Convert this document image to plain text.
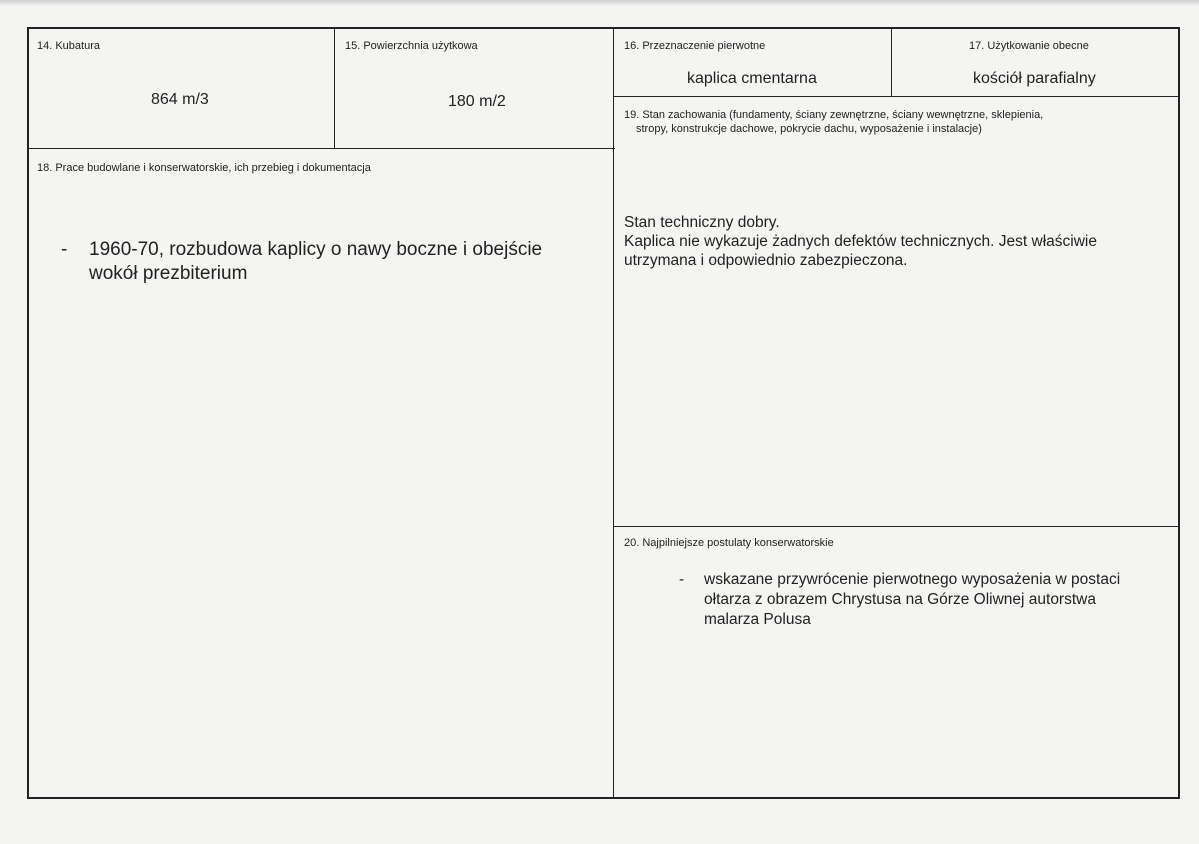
14. Kubatura
864 m/3
15. Powierzchnia użytkowa
180 m/2
16. Przeznaczenie pierwotne
kaplica cmentarna
17. Użytkowanie obecne
kościół parafialny
18. Prace budowlane i konserwatorskie, ich przebieg i dokumentacja
- 1960-70, rozbudowa kaplicy o nawy boczne i obejście
wokół prezbiterium
19. Stan zachowania (fundamenty, ściany zewnętrzne, ściany wewnętrzne, sklepienia,
stropy, konstrukcje dachowe, pokrycie dachu, wyposażenie i instalacje)
Stan techniczny dobry.
Kaplica nie wykazuje żadnych defektów technicznych. Jest właściwie
utrzymana i odpowiednio zabezpieczona.
20. Najpilniejsze postulaty konserwatorskie
- wskazane przywrócenie pierwotnego wyposażenia w postaci
ołtarza z obrazem Chrystusa na Górze Oliwnej autorstwa
malarza Polusa
